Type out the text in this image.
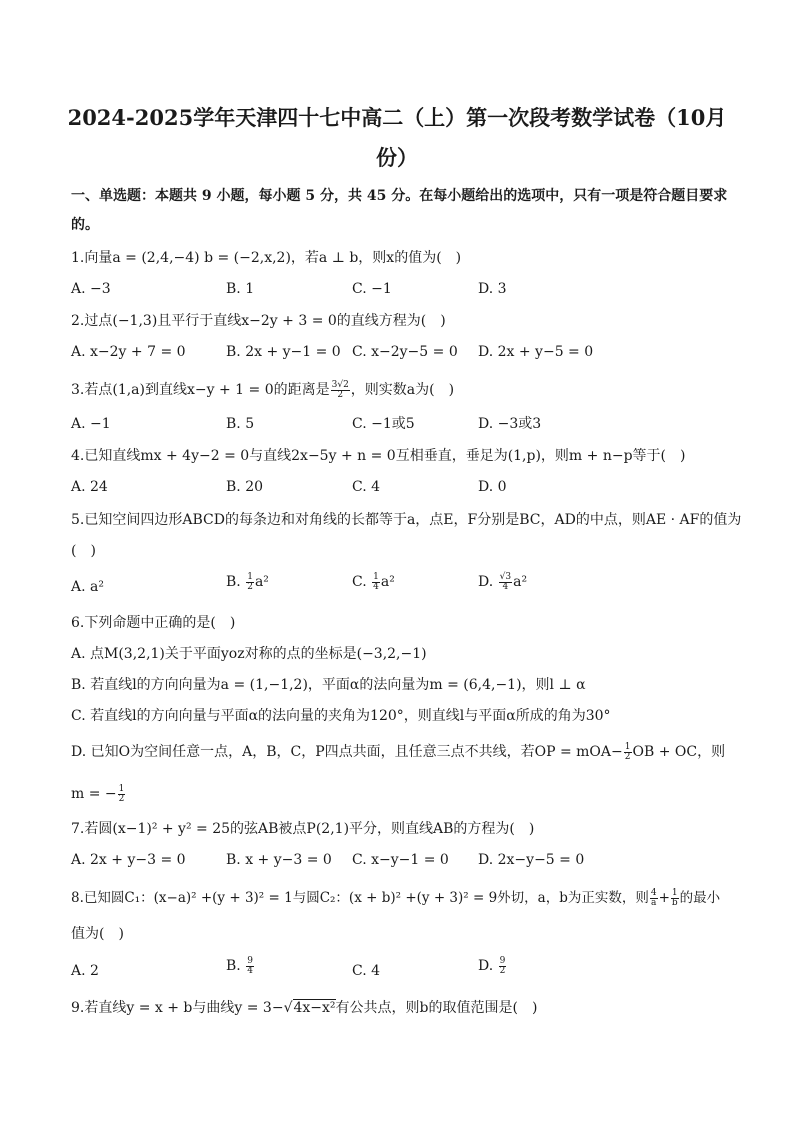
2024-2025学年天津四十七中高二（上）第一次段考数学试卷（10月
份）
一、单选题：本题共 9 小题，每小题 5 分，共 45 分。在每小题给出的选项中，只有一项是符合题目要求
的。
1.向量a = (2,4,−4) b = (−2,x,2)，若a ⊥ b，则x的值为(　)
A. −3	B. 1	C. −1	D. 3
2.过点(−1,3)且平行于直线x−2y + 3 = 0的直线方程为(　)
A. x−2y + 7 = 0	B. 2x + y−1 = 0 C. x−2y−5 = 0 D. 2x + y−5 = 0
3.若点(1,a)到直线x−y + 1 = 0的距离是 $\frac{3√2}{2}$ ，则实数a为(　)
A. −1	B. 5	C. −1或5	D. −3或3
4.已知直线mx + 4y−2 = 0与直线2x−5y + n = 0互相垂直，垂足为(1,p)，则m + n−p等于(　)
A. 24	B. 20	C. 4	D. 0
5.已知空间四边形ABCD的每条边和对角线的长都等于a，点E，F分别是BC，AD的中点，则AE · AF的值为
(　)
A. a²	B. $\frac{1}{2} a^2$	C. $\frac{1}{4} a^2$	D. $\frac{√3}{4} a^2$
6.下列命题中正确的是(　)
A. 点M(3,2,1)关于平面yoz对称的点的坐标是(−3,2,−1)
B. 若直线l的方向向量为a = (1,−1,2)，平面α的法向量为m = (6,4,−1)，则l ⊥ α
C. 若直线l的方向向量与平面α的法向量的夹角为120°，则直线l与平面α所成的角为30°
D. 已知O为空间任意一点，A，B，C，P四点共面，且任意三点不共线，若OP = $mOA- \frac{1}{2}$ OB + OC，则
m = − $\frac{1}{2}$
7.若圆(x−1)² + y² = 25的弦AB被点P(2,1)平分，则直线AB的方程为(　)
A. 2x + y−3 = 0	B. x + y−3 = 0 C. x−y−1 = 0 D. 2x−y−5 = 0
8.已知圆C₁：(x−a)² +(y + 3)² = 1与圆C₂：(x + b)² +(y + 3)² = 9外切，a，b为正实数，则 $\frac{4}{a} + \frac{1}{b}$ 的最小
值为(　)
A. 2	B. $\frac{9}{4}$	C. 4	D. $\frac{9}{2}$
9.若直线y = x + b与曲线y = 3−√4x−x²有公共点，则b的取值范围是(　)
